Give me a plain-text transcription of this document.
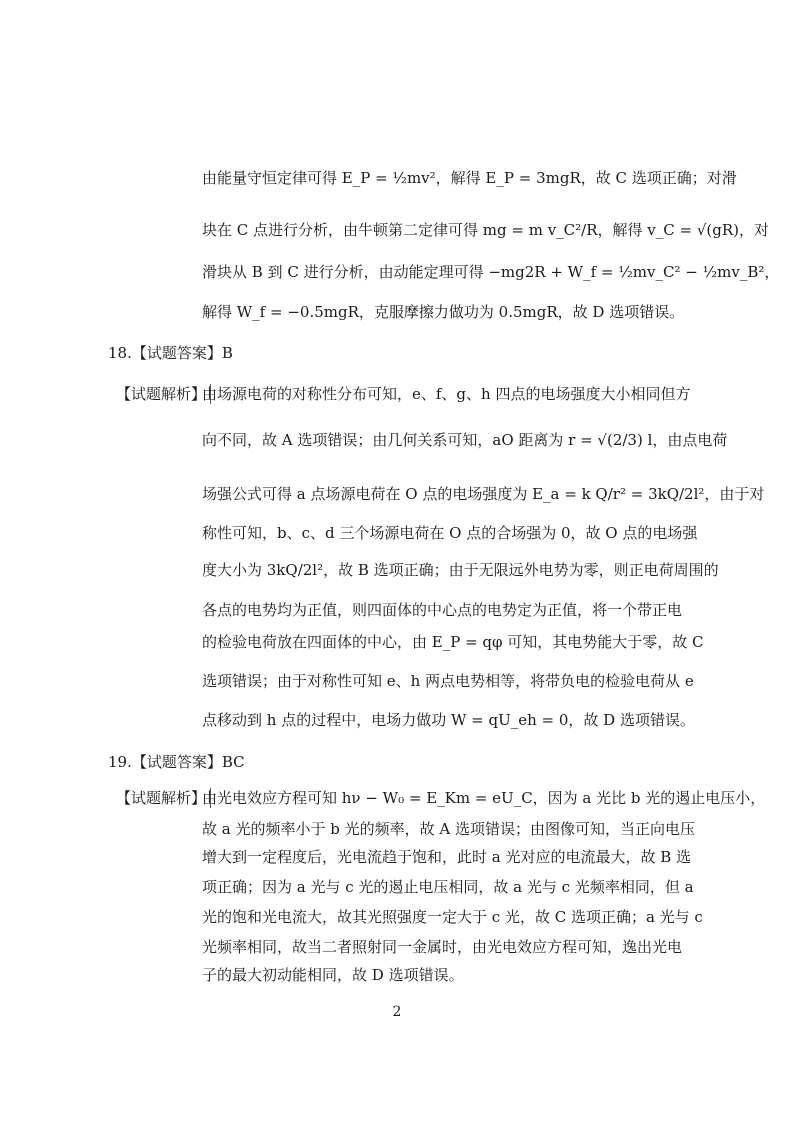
由能量守恒定律可得 E_P = ½mv²，解得 E_P = 3mgR，故 C 选项正确；对滑
块在 C 点进行分析，由牛顿第二定律可得 mg = m v_C²/R，解得 v_C = √(gR)，对
滑块从 B 到 C 进行分析，由动能定理可得 −mg2R + W_f = ½mv_C² − ½mv_B²，
解得 W_f = −0.5mgR，克服摩擦力做功为 0.5mgR，故 D 选项错误。
18.【试题答案】B
【试题解析】
由场源电荷的对称性分布可知，e、f、g、h 四点的电场强度大小相同但方
向不同，故 A 选项错误；由几何关系可知，aO 距离为 r = √(2/3) l，由点电荷
场强公式可得 a 点场源电荷在 O 点的电场强度为 E_a = k Q/r² = 3kQ/2l²，由于对
称性可知，b、c、d 三个场源电荷在 O 点的合场强为 0，故 O 点的电场强
度大小为 3kQ/2l²，故 B 选项正确；由于无限远外电势为零，则正电荷周围的
各点的电势均为正值，则四面体的中心点的电势定为正值，将一个带正电
的检验电荷放在四面体的中心，由 E_P = qφ 可知，其电势能大于零，故 C
选项错误；由于对称性可知 e、h 两点电势相等，将带负电的检验电荷从 e
点移动到 h 点的过程中，电场力做功 W = qU_eh = 0，故 D 选项错误。
19.【试题答案】BC
【试题解析】
由光电效应方程可知 hν − W₀ = E_Km = eU_C，因为 a 光比 b 光的遏止电压小，
故 a 光的频率小于 b 光的频率，故 A 选项错误；由图像可知，当正向电压
增大到一定程度后，光电流趋于饱和，此时 a 光对应的电流最大，故 B 选
项正确；因为 a 光与 c 光的遏止电压相同，故 a 光与 c 光频率相同，但 a
光的饱和光电流大，故其光照强度一定大于 c 光，故 C 选项正确；a 光与 c
光频率相同，故当二者照射同一金属时，由光电效应方程可知，逸出光电
子的最大初动能相同，故 D 选项错误。
2
